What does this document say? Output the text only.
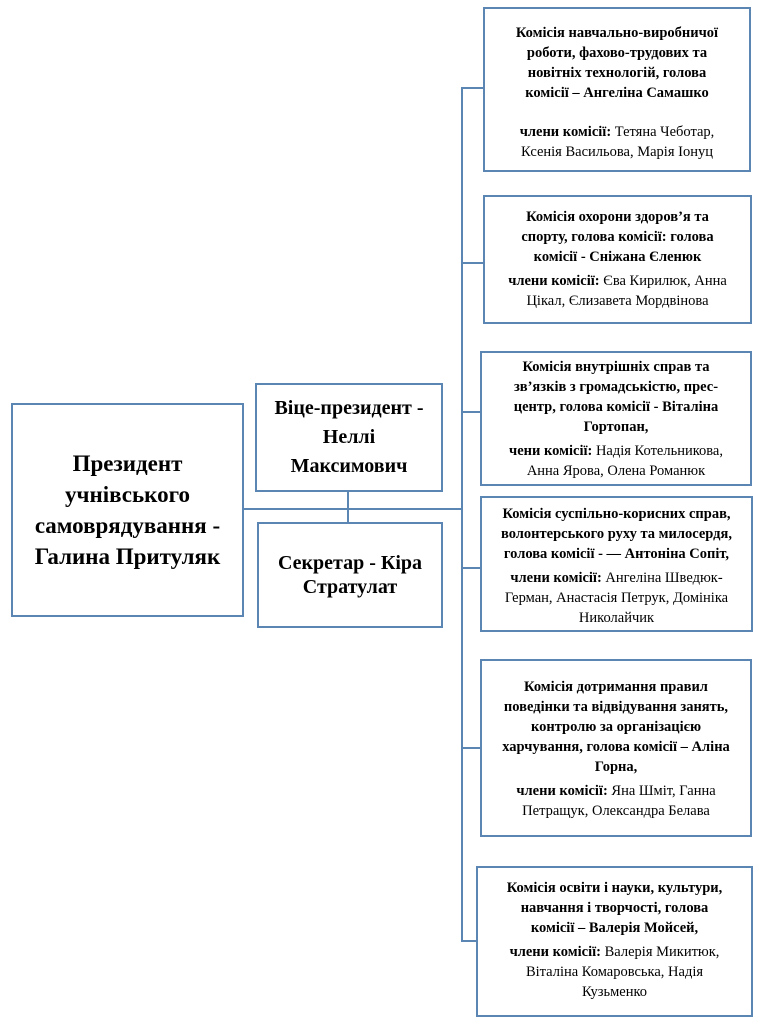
Президент
учнівського
самоврядування -
Галина Притуляк
Віце-президент -
Неллі
Максимович
Секретар - Кіра
Стратулат
Комісія навчально-виробничої
роботи, фахово-трудових та
новітніх технологій, голова
комісії – Ангеліна Самашко
члени комісії: Тетяна Чеботар,
Ксенія Васильова, Марія Іонуц
Комісія охорони здоров’я та
спорту, голова комісії: голова
комісії - Сніжана Єленюк
члени комісії: Єва Кирилюк, Анна
Цікал, Єлизавета Мордвінова
Комісія внутрішніх справ та
зв’язків з громадськістю, прес-
центр, голова комісії - Віталіна
Гортопан,
чени комісії: Надія Котельникова,
Анна Ярова, Олена Романюк
Комісія суспільно-корисних справ,
волонтерського руху та милосердя,
голова комісії - — Антоніна Сопіт,
члени комісії: Ангеліна Шведюк-
Герман, Анастасія Петрук, Домініка
Николайчик
Комісія дотримання правил
поведінки та відвідування занять,
контролю за організацією
харчування, голова комісії – Аліна
Горна,
члени комісії: Яна Шміт, Ганна
Петращук, Олександра Белава
Комісія освіти і науки, культури,
навчання і творчості, голова
комісії – Валерія Мойсей,
члени комісії: Валерія Микитюк,
Віталіна Комаровська, Надія
Кузьменко
